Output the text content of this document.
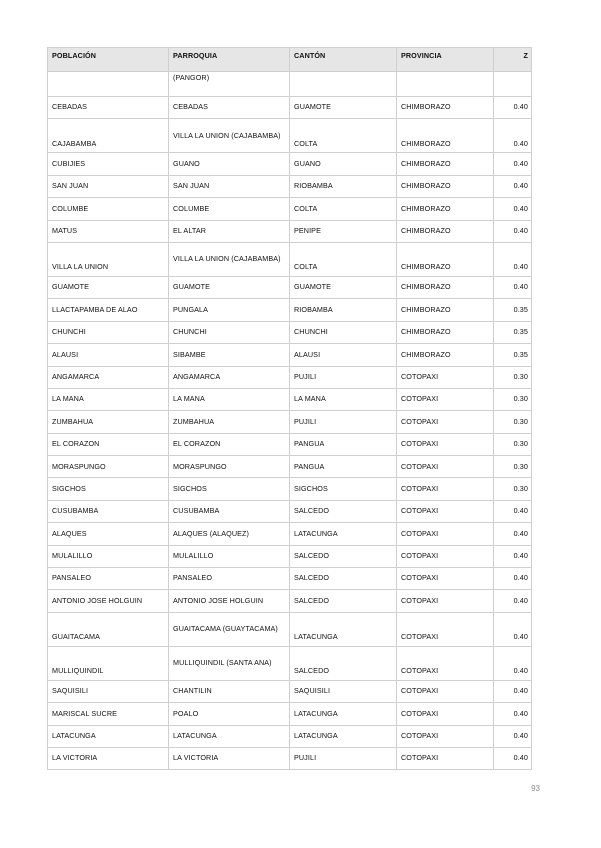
POBLACIÓN	PARROQUIA	CANTÓN	PROVINCIA	Z
	(PANGOR)			
CEBADAS	CEBADAS	GUAMOTE	CHIMBORAZO	0.40
CAJABAMBA	VILLA LA UNION (CAJABAMBA)	COLTA	CHIMBORAZO	0.40
CUBIJIES	GUANO	GUANO	CHIMBORAZO	0.40
SAN JUAN	SAN JUAN	RIOBAMBA	CHIMBORAZO	0.40
COLUMBE	COLUMBE	COLTA	CHIMBORAZO	0.40
MATUS	EL ALTAR	PENIPE	CHIMBORAZO	0.40
VILLA LA UNION	VILLA LA UNION (CAJABAMBA)	COLTA	CHIMBORAZO	0.40
GUAMOTE	GUAMOTE	GUAMOTE	CHIMBORAZO	0.40
LLACTAPAMBA DE ALAO	PUNGALA	RIOBAMBA	CHIMBORAZO	0.35
CHUNCHI	CHUNCHI	CHUNCHI	CHIMBORAZO	0.35
ALAUSI	SIBAMBE	ALAUSI	CHIMBORAZO	0.35
ANGAMARCA	ANGAMARCA	PUJILI	COTOPAXI	0.30
LA MANA	LA MANA	LA MANA	COTOPAXI	0.30
ZUMBAHUA	ZUMBAHUA	PUJILI	COTOPAXI	0.30
EL CORAZON	EL CORAZON	PANGUA	COTOPAXI	0.30
MORASPUNGO	MORASPUNGO	PANGUA	COTOPAXI	0.30
SIGCHOS	SIGCHOS	SIGCHOS	COTOPAXI	0.30
CUSUBAMBA	CUSUBAMBA	SALCEDO	COTOPAXI	0.40
ALAQUES	ALAQUES (ALAQUEZ)	LATACUNGA	COTOPAXI	0.40
MULALILLO	MULALILLO	SALCEDO	COTOPAXI	0.40
PANSALEO	PANSALEO	SALCEDO	COTOPAXI	0.40
ANTONIO JOSE HOLGUIN	ANTONIO JOSE HOLGUIN	SALCEDO	COTOPAXI	0.40
GUAITACAMA	GUAITACAMA (GUAYTACAMA)	LATACUNGA	COTOPAXI	0.40
MULLIQUINDIL	MULLIQUINDIL (SANTA ANA)	SALCEDO	COTOPAXI	0.40
SAQUISILI	CHANTILIN	SAQUISILI	COTOPAXI	0.40
MARISCAL SUCRE	POALO	LATACUNGA	COTOPAXI	0.40
LATACUNGA	LATACUNGA	LATACUNGA	COTOPAXI	0.40
LA VICTORIA	LA VICTORIA	PUJILI	COTOPAXI	0.40
93
